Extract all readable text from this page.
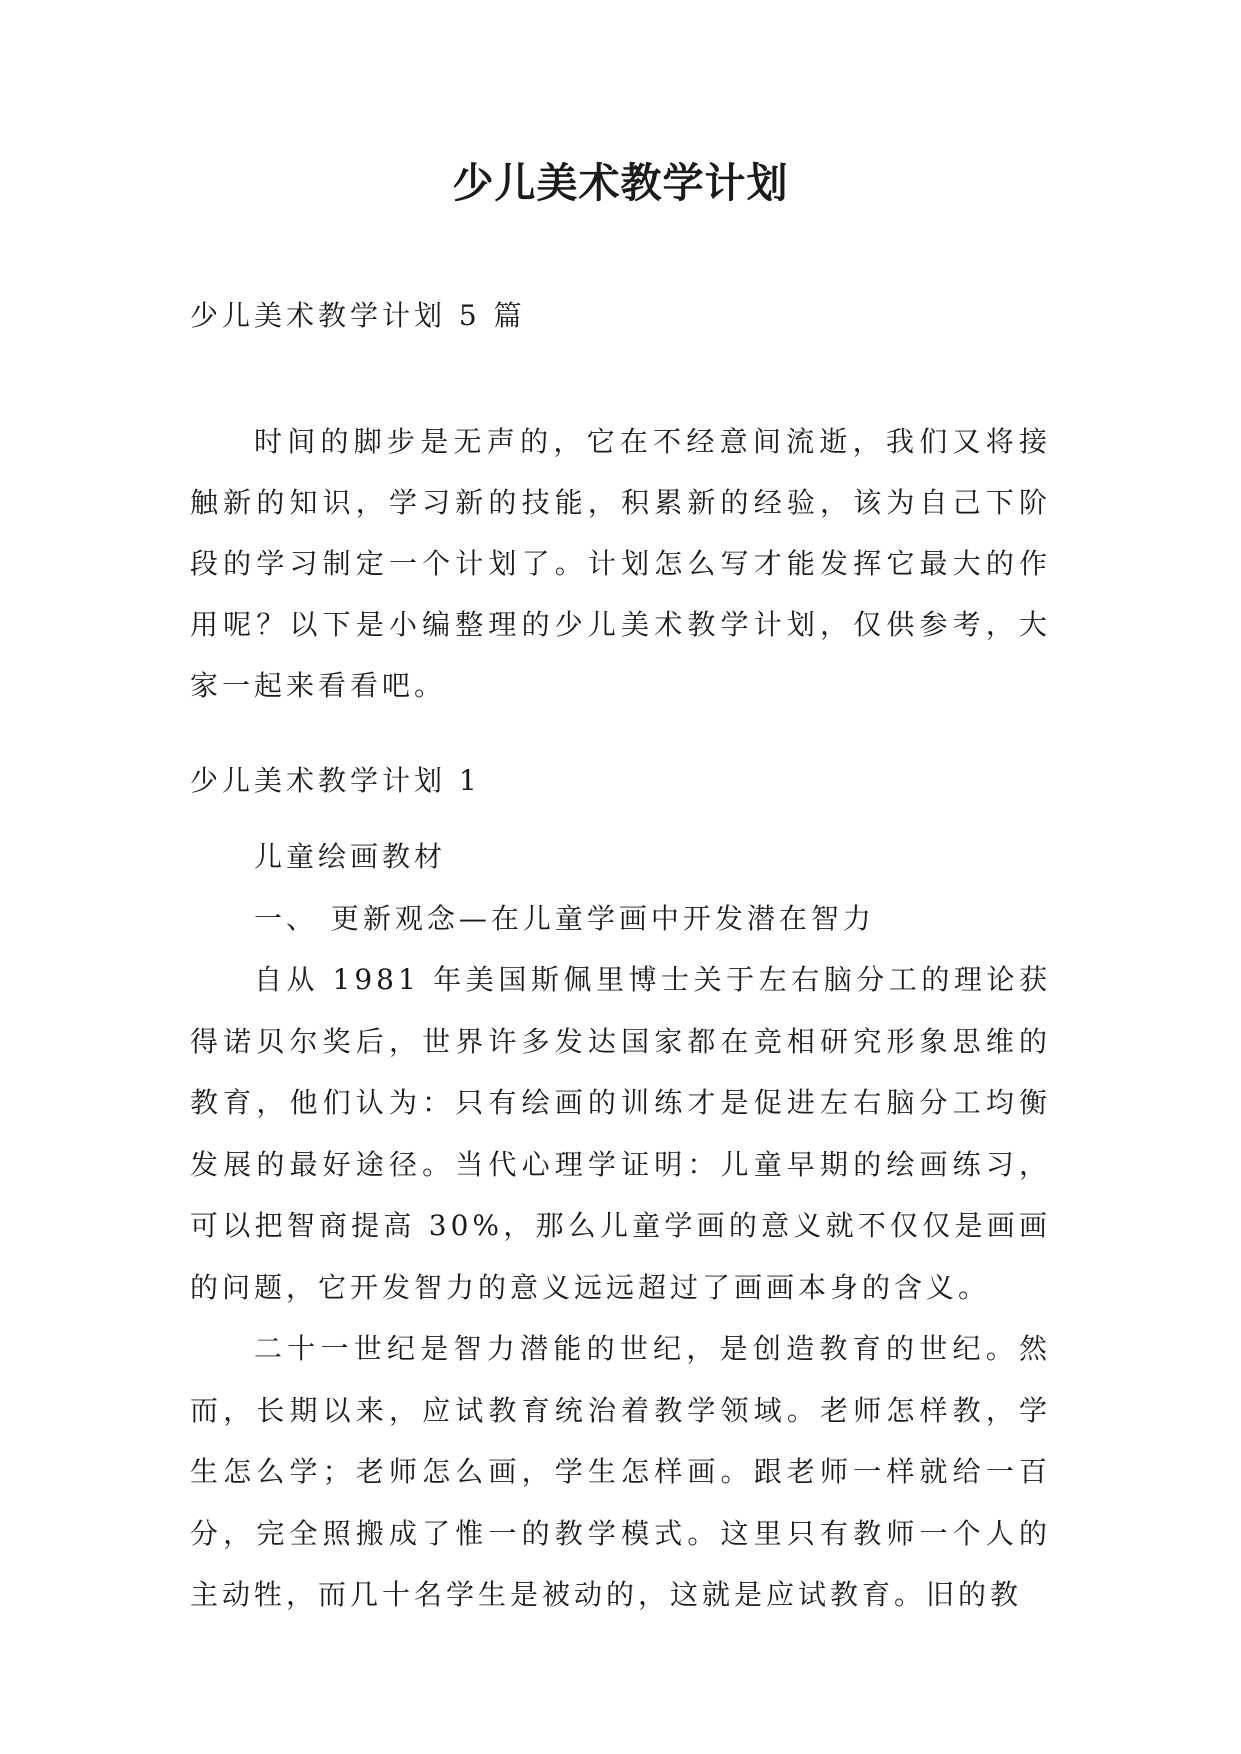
少儿美术教学计划
少儿美术教学计划 5 篇

时间的脚步是无声的，它在不经意间流逝，我们又将接触新的知识，学习新的技能，积累新的经验，该为自己下阶段的学习制定一个计划了。计划怎么写才能发挥它最大的作用呢？以下是小编整理的少儿美术教学计划，仅供参考，大家一起来看看吧。

少儿美术教学计划 1

儿童绘画教材

一、 更新观念—在儿童学画中开发潜在智力

自从 1981 年美国斯佩里博士关于左右脑分工的理论获得诺贝尔奖后，世界许多发达国家都在竞相研究形象思维的教育，他们认为：只有绘画的训练才是促进左右脑分工均衡发展的最好途径。当代心理学证明：儿童早期的绘画练习，可以把智商提高 30%，那么儿童学画的意义就不仅仅是画画的问题，它开发智力的意义远远超过了画画本身的含义。

二十一世纪是智力潜能的世纪，是创造教育的世纪。然而，长期以来，应试教育统治着教学领域。老师怎样教，学生怎么学；老师怎么画，学生怎样画。跟老师一样就给一百分，完全照搬成了惟一的教学模式。这里只有教师一个人的主动牲，而几十名学生是被动的，这就是应试教育。旧的教
